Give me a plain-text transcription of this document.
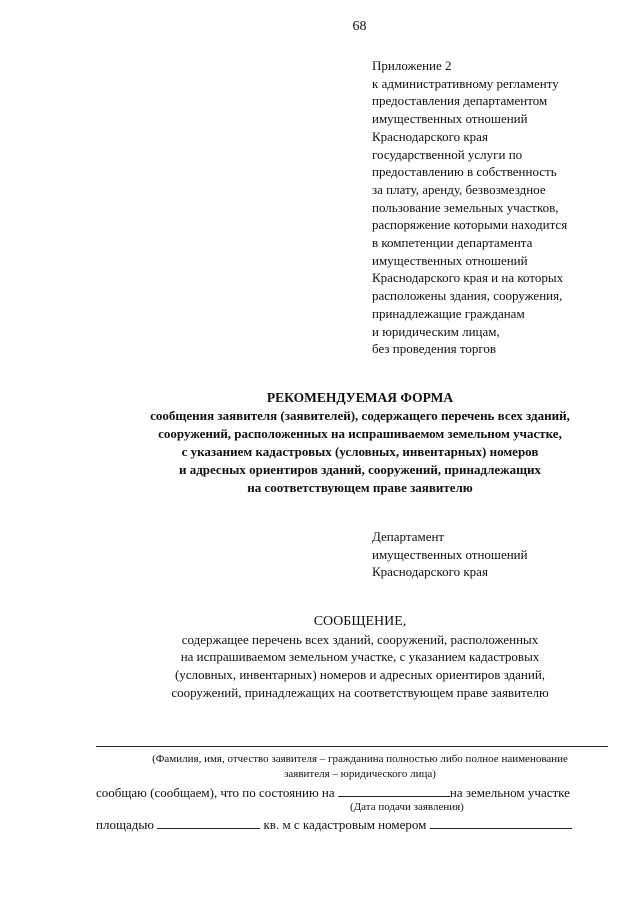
68
Приложение 2
к административному регламенту
предоставления департаментом
имущественных отношений
Краснодарского края
государственной услуги по
предоставлению в собственность
за плату, аренду, безвозмездное
пользование земельных участков,
распоряжение которыми находится
в компетенции департамента
имущественных отношений
Краснодарского края и на которых
расположены здания, сооружения,
принадлежащие гражданам
и юридическим лицам,
без проведения торгов
РЕКОМЕНДУЕМАЯ ФОРМА
сообщения заявителя (заявителей), содержащего перечень всех зданий,
сооружений, расположенных на испрашиваемом земельном участке,
с указанием кадастровых (условных, инвентарных) номеров
и адресных ориентиров зданий, сооружений, принадлежащих
на соответствующем праве заявителю
Департамент
имущественных отношений
Краснодарского края
СООБЩЕНИЕ,
содержащее перечень всех зданий, сооружений, расположенных
на испрашиваемом земельном участке, с указанием кадастровых
(условных, инвентарных) номеров и адресных ориентиров зданий,
сооружений, принадлежащих на соответствующем праве заявителю
(Фамилия, имя, отчество заявителя – гражданина полностью либо полное наименование
заявителя – юридического лица)
сообщаю (сообщаем), что по состоянию на	на земельном участке
(Дата подачи заявления)
площадью	кв. м с кадастровым номером
